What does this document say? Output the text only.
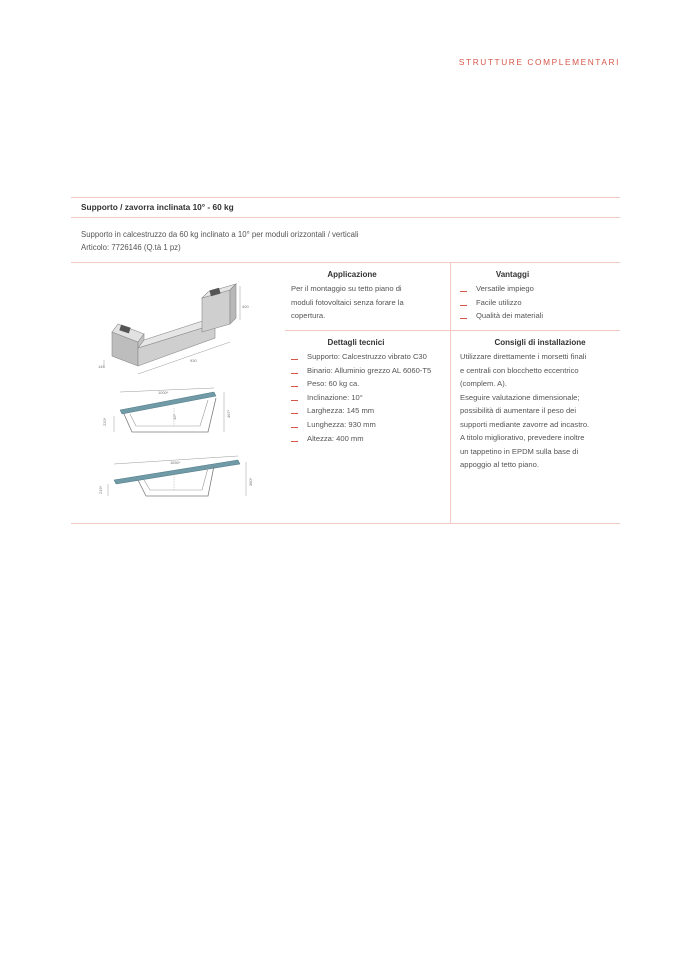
STRUTTURE COMPLEMENTARI
Supporto / zavorra inclinata 10° - 60 kg
Supporto in calcestruzzo da 60 kg inclinato a 10° per moduli orizzontali / verticali
Articolo: 7726146 (Q.tà 1 pz)
145
930
400
1000*
220*
10°	467*
1650*
215*
380*
Applicazione
Per il montaggio su tetto piano di
moduli fotovoltaici senza forare la
copertura.
Vantaggi
Versatile impiego
Facile utilizzo
Qualità dei materiali
Dettagli tecnici
Supporto: Calcestruzzo vibrato C30
Binario: Alluminio grezzo AL 6060-T5
Peso: 60 kg ca.
Inclinazione: 10°
Larghezza: 145 mm
Lunghezza: 930 mm
Altezza: 400 mm
Consigli di installazione
Utilizzare direttamente i morsetti finali
e centrali con blocchetto eccentrico
(complem. A).
Eseguire valutazione dimensionale;
possibilità di aumentare il peso dei
supporti mediante zavorre ad incastro.
A titolo migliorativo, prevedere inoltre
un tappetino in EPDM sulla base di
appoggio al tetto piano.
